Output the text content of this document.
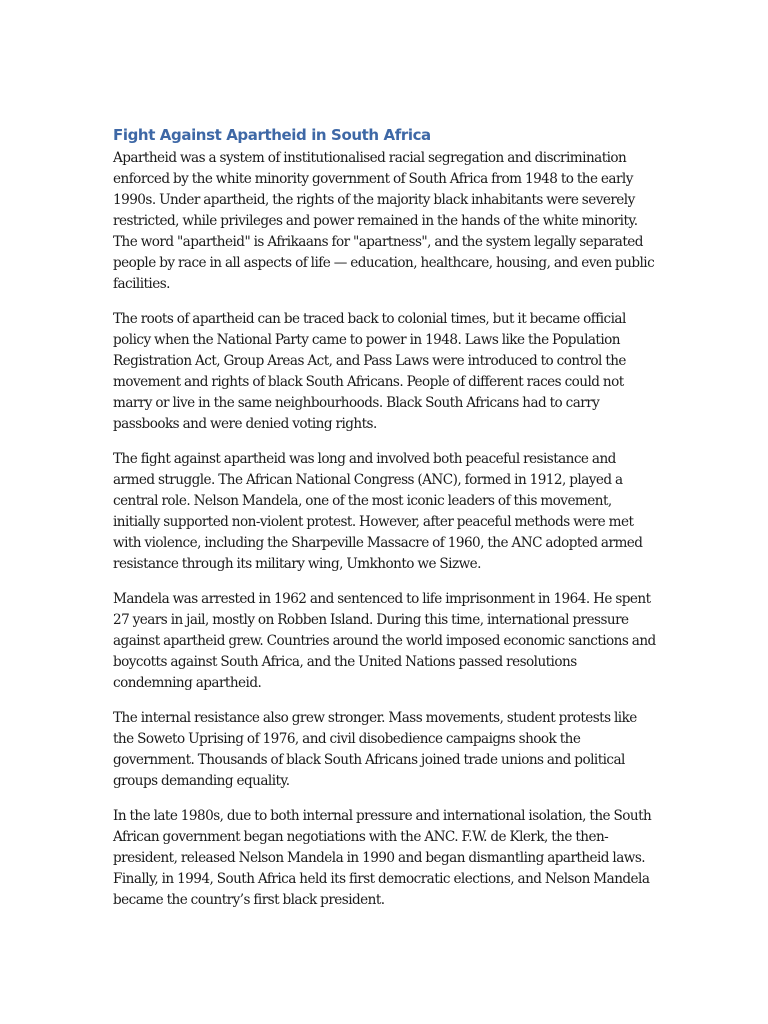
Fight Against Apartheid in South Africa

Apartheid was a system of institutionalised racial segregation and discrimination enforced by the white minority government of South Africa from 1948 to the early 1990s. Under apartheid, the rights of the majority black inhabitants were severely restricted, while privileges and power remained in the hands of the white minority. The word "apartheid" is Afrikaans for "apartness", and the system legally separated people by race in all aspects of life — education, healthcare, housing, and even public facilities.

The roots of apartheid can be traced back to colonial times, but it became official policy when the National Party came to power in 1948. Laws like the Population Registration Act, Group Areas Act, and Pass Laws were introduced to control the movement and rights of black South Africans. People of different races could not marry or live in the same neighbourhoods. Black South Africans had to carry passbooks and were denied voting rights.

The fight against apartheid was long and involved both peaceful resistance and armed struggle. The African National Congress (ANC), formed in 1912, played a central role. Nelson Mandela, one of the most iconic leaders of this movement, initially supported non-violent protest. However, after peaceful methods were met with violence, including the Sharpeville Massacre of 1960, the ANC adopted armed resistance through its military wing, Umkhonto we Sizwe.

Mandela was arrested in 1962 and sentenced to life imprisonment in 1964. He spent 27 years in jail, mostly on Robben Island. During this time, international pressure against apartheid grew. Countries around the world imposed economic sanctions and boycotts against South Africa, and the United Nations passed resolutions condemning apartheid.

The internal resistance also grew stronger. Mass movements, student protests like the Soweto Uprising of 1976, and civil disobedience campaigns shook the government. Thousands of black South Africans joined trade unions and political groups demanding equality.

In the late 1980s, due to both internal pressure and international isolation, the South African government began negotiations with the ANC. F.W. de Klerk, the then-president, released Nelson Mandela in 1990 and began dismantling apartheid laws. Finally, in 1994, South Africa held its first democratic elections, and Nelson Mandela became the country’s first black president.
